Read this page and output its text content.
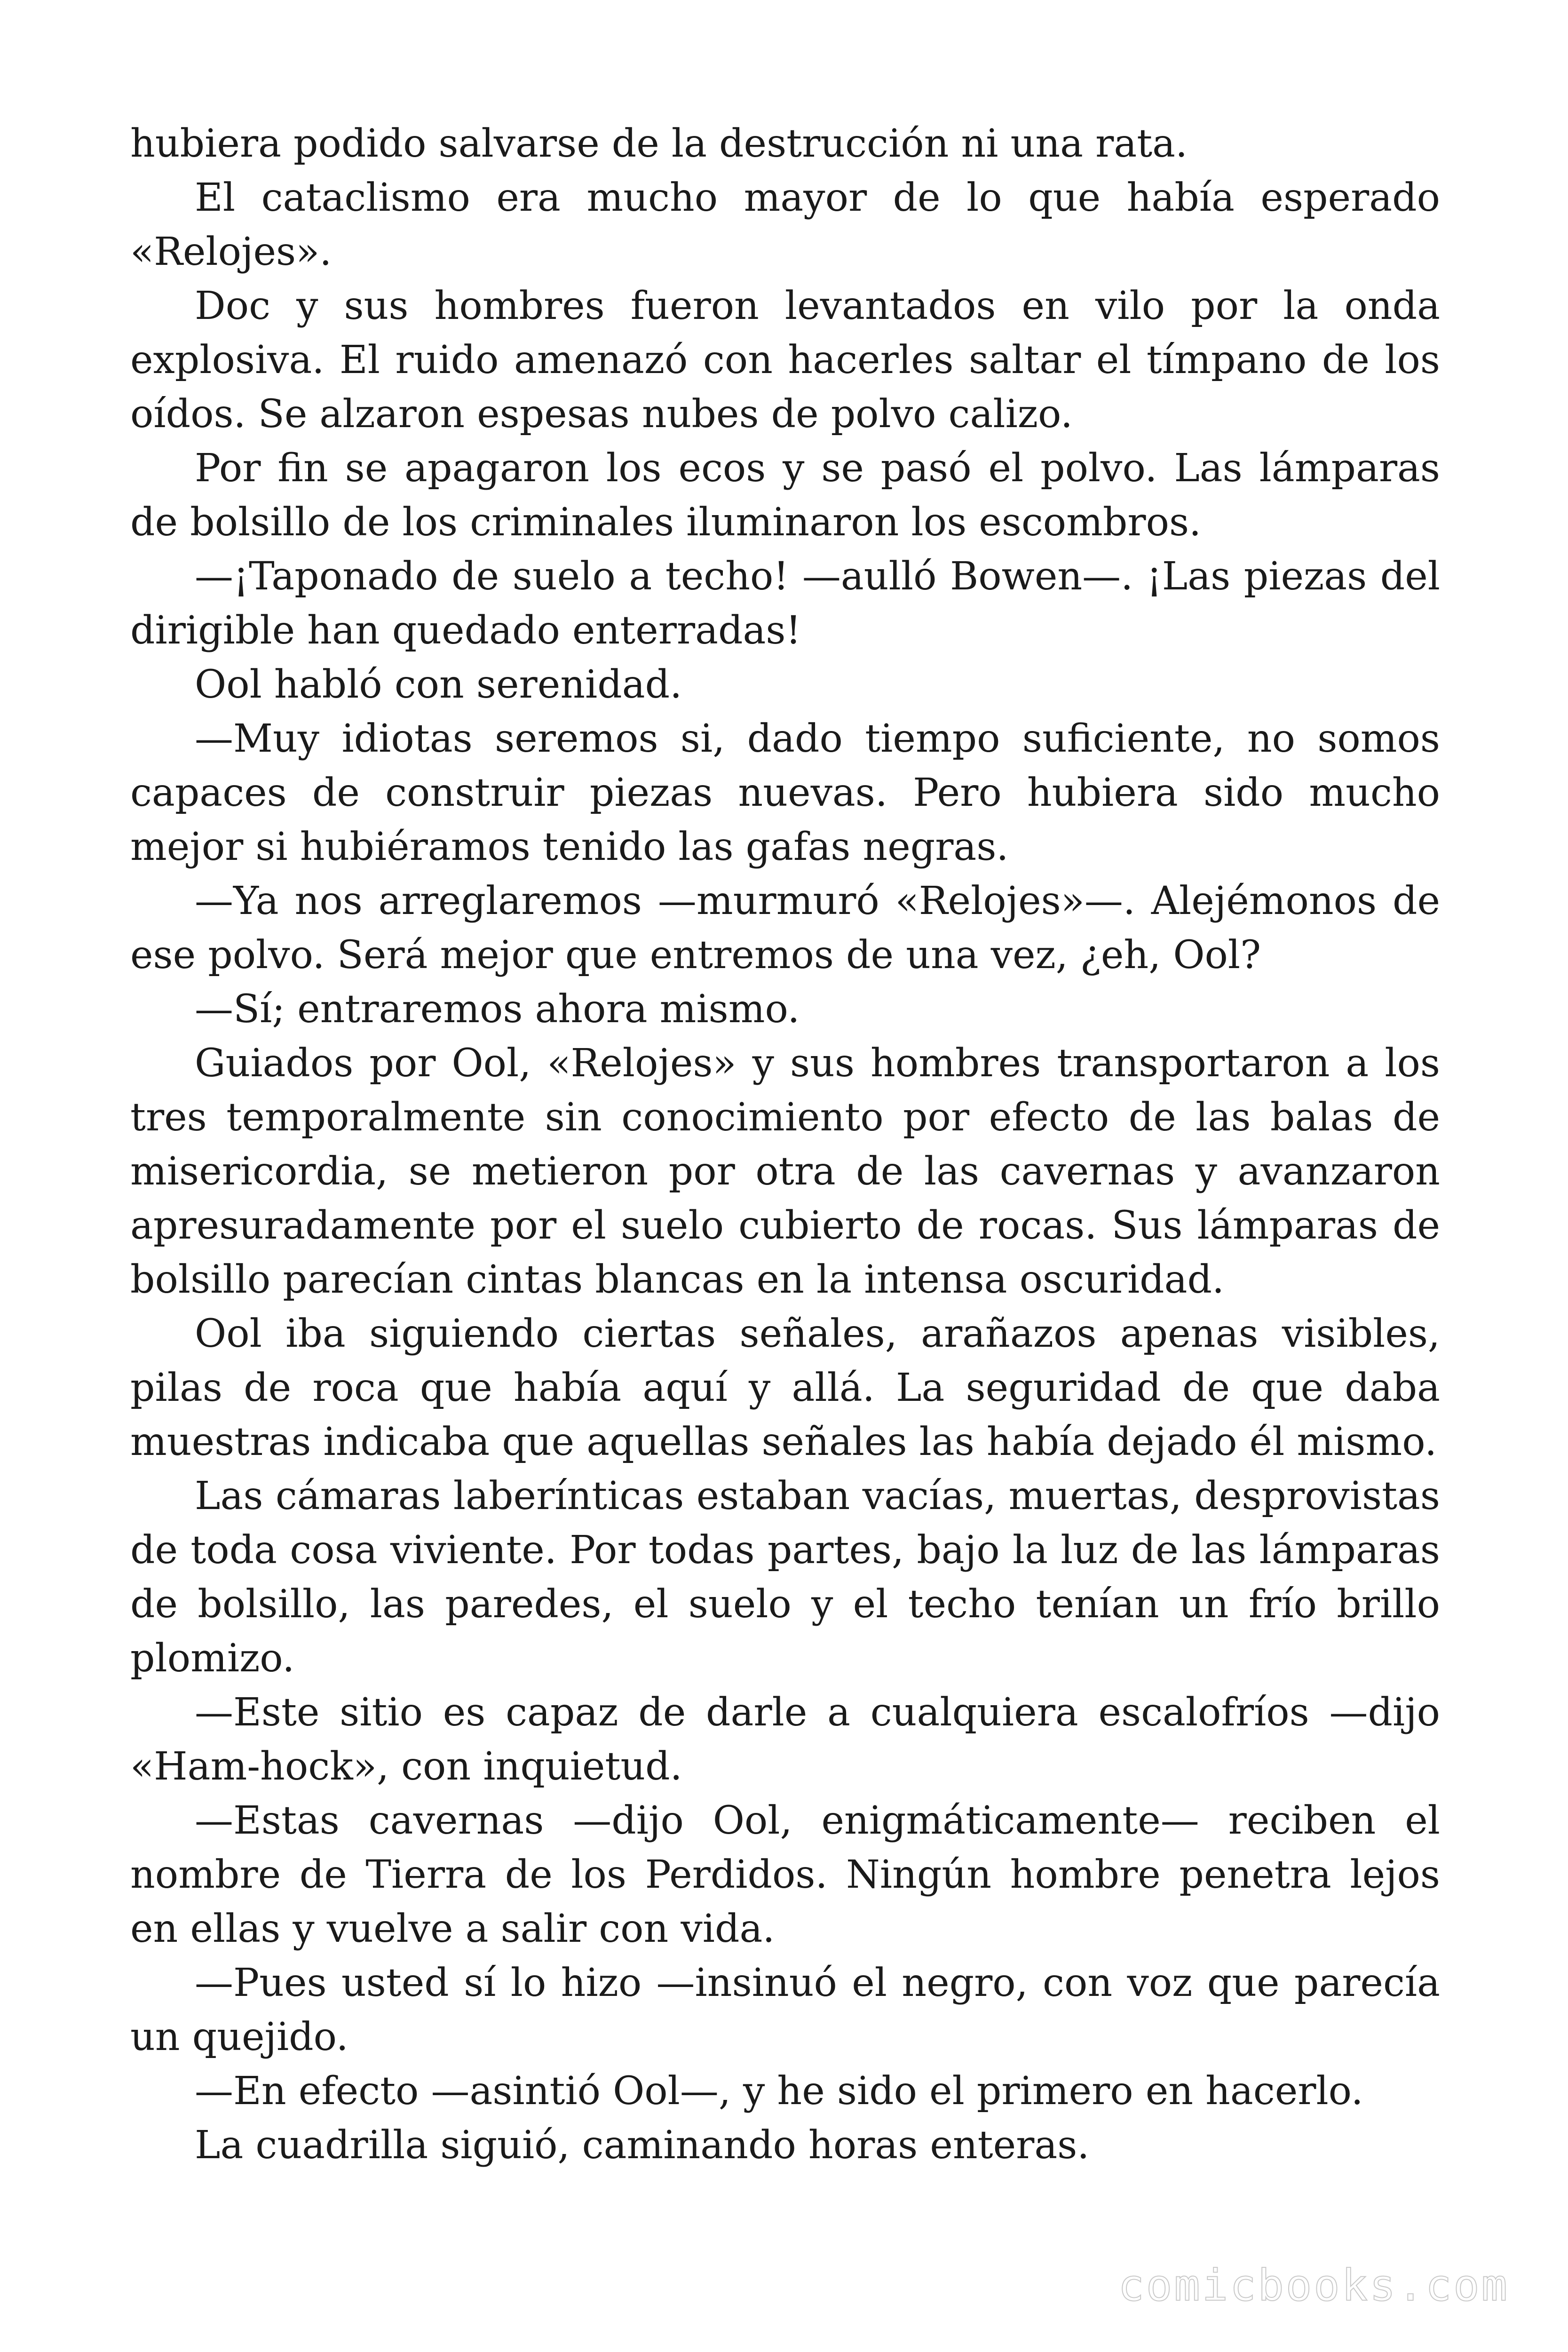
hubiera podido salvarse de la destrucción ni una rata.

El cataclismo era mucho mayor de lo que había esperado «Relojes».

Doc y sus hombres fueron levantados en vilo por la onda explosiva. El ruido amenazó con hacerles saltar el tímpano de los oídos. Se alzaron espesas nubes de polvo calizo.

Por fin se apagaron los ecos y se pasó el polvo. Las lámparas de bolsillo de los criminales iluminaron los escombros.

—¡Taponado de suelo a techo! —aulló Bowen—. ¡Las piezas del dirigible han quedado enterradas!

Ool habló con serenidad.

—Muy idiotas seremos si, dado tiempo suficiente, no somos capaces de construir piezas nuevas. Pero hubiera sido mucho mejor si hubiéramos tenido las gafas negras.

—Ya nos arreglaremos —murmuró «Relojes»—. Alejémonos de ese polvo. Será mejor que entremos de una vez, ¿eh, Ool?

—Sí; entraremos ahora mismo.

Guiados por Ool, «Relojes» y sus hombres transportaron a los tres temporalmente sin conocimiento por efecto de las balas de misericordia, se metieron por otra de las cavernas y avanzaron apresuradamente por el suelo cubierto de rocas. Sus lámparas de bolsillo parecían cintas blancas en la intensa oscuridad.

Ool iba siguiendo ciertas señales, arañazos apenas visibles, pilas de roca que había aquí y allá. La seguridad de que daba muestras indicaba que aquellas señales las había dejado él mismo.

Las cámaras laberínticas estaban vacías, muertas, desprovistas de toda cosa viviente. Por todas partes, bajo la luz de las lámparas de bolsillo, las paredes, el suelo y el techo tenían un frío brillo plomizo.

—Este sitio es capaz de darle a cualquiera escalofríos —dijo «Ham-hock», con inquietud.

—Estas cavernas —dijo Ool, enigmáticamente— reciben el nombre de Tierra de los Perdidos. Ningún hombre penetra lejos en ellas y vuelve a salir con vida.

—Pues usted sí lo hizo —insinuó el negro, con voz que parecía un quejido.

—En efecto —asintió Ool—, y he sido el primero en hacerlo.

La cuadrilla siguió, caminando horas enteras.

comicbooks.com
